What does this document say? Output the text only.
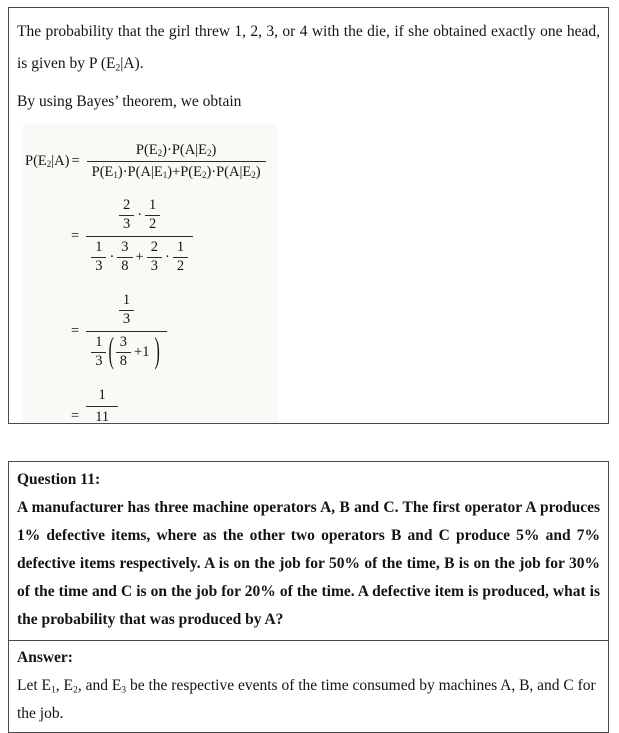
The probability that the girl threw 1, 2, 3, or 4 with the die, if she obtained exactly one head, is given by P $(E_2|A)$.

By using Bayes’ theorem, we obtain

$P(E_2|A) = \frac{P(E_2)\cdot P(A|E_2)}{P(E_1)\cdot P(A|E_1)+P(E_2)\cdot P(A|E_2)}$
=
$\frac{2}{3} \cdot \frac{1}{2}$
$\frac{1}{3} \cdot \frac{3}{8} + \frac{2}{3} \cdot \frac{1}{2}$
=
$\frac{1}{3}$
$\frac{1}{3}$ ( $\frac{3}{8} +1$ )
= $\frac{1}{11}$
Question 11:

A manufacturer has three machine operators A, B and C. The first operator A produces 1% defective items, where as the other two operators B and C produce 5% and 7% defective items respectively. A is on the job for 50% of the time, B is on the job for 30% of the time and C is on the job for 20% of the time. A defective item is produced, what is the probability that was produced by A?

Answer:

Let $E_1$, $E_2$, and $E_3$ be the respective events of the time consumed by machines A, B, and C for the job.
